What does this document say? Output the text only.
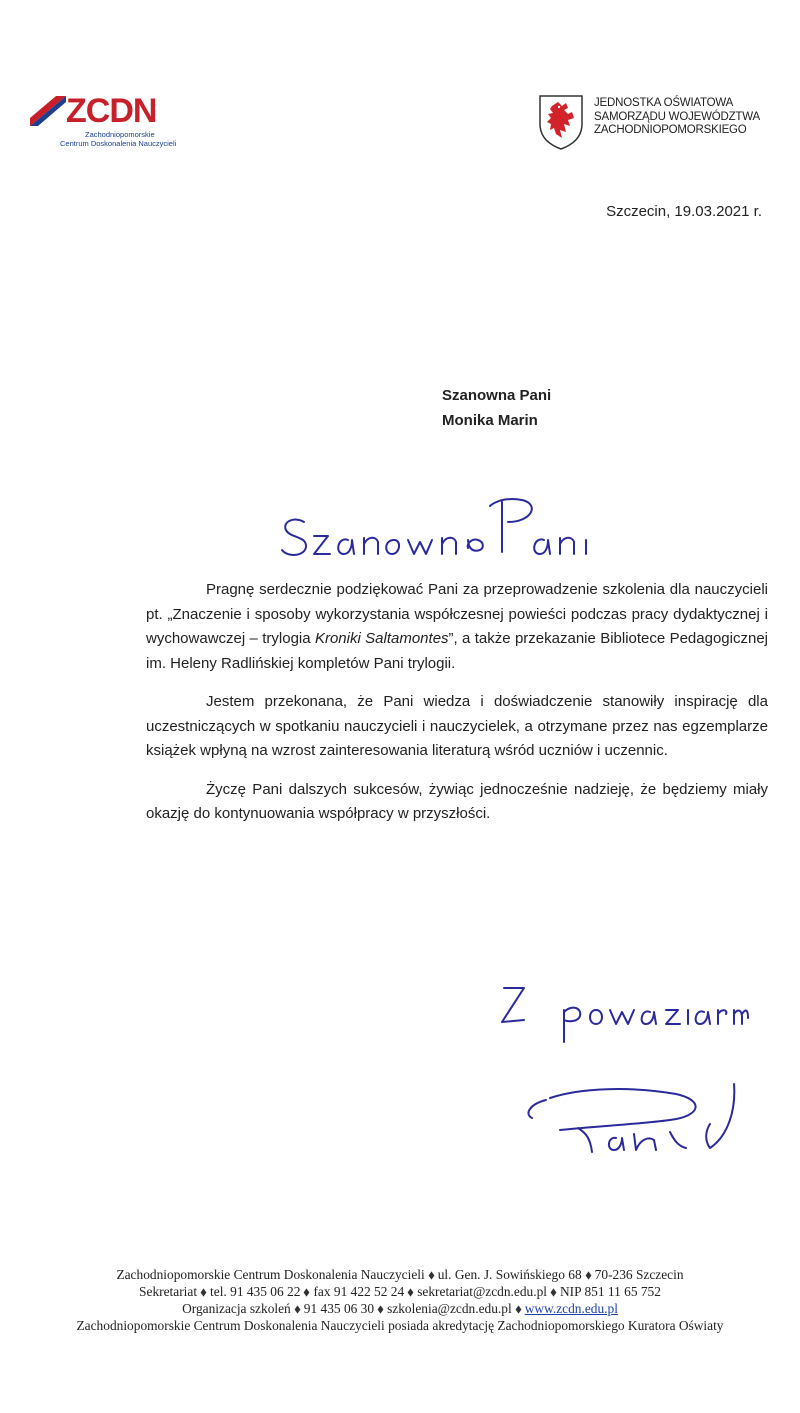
ZCDN
Zachodniopomorskie
Centrum Doskonalenia Nauczycieli
JEDNOSTKA OŚWIATOWA
SAMORZĄDU WOJEWÓDZTWA
ZACHODNIOPOMORSKIEGO
Szczecin, 19.03.2021 r.
Szanowna Pani
Monika Marin

Pragnę serdecznie podziękować Pani za przeprowadzenie szkolenia dla nauczycieli pt. „Znaczenie i sposoby wykorzystania współczesnej powieści podczas pracy dydaktycznej i wychowawczej – trylogia Kroniki Saltamontes”, a także przekazanie Bibliotece Pedagogicznej im. Heleny Radlińskiej kompletów Pani trylogii.

Jestem przekonana, że Pani wiedza i doświadczenie stanowiły inspirację dla uczestniczących w spotkaniu nauczycieli i nauczycielek, a otrzymane przez nas egzemplarze książek wpłyną na wzrost zainteresowania literaturą wśród uczniów i uczennic.

Życzę Pani dalszych sukcesów, żywiąc jednocześnie nadzieję, że będziemy miały okazję do kontynuowania współpracy w przyszłości.

Zachodniopomorskie Centrum Doskonalenia Nauczycieli ul. Gen. J. Sowińskiego 68 70-236 Szczecin
Sekretariat tel. 91 435 06 22 fax 91 422 52 24 sekretariat@zcdn.edu.pl NIP 851 11 65 752
Organizacja szkoleń 91 435 06 30 szkolenia@zcdn.edu.pl www.zcdn.edu.pl
Zachodniopomorskie Centrum Doskonalenia Nauczycieli posiada akredytację Zachodniopomorskiego Kuratora Oświaty
